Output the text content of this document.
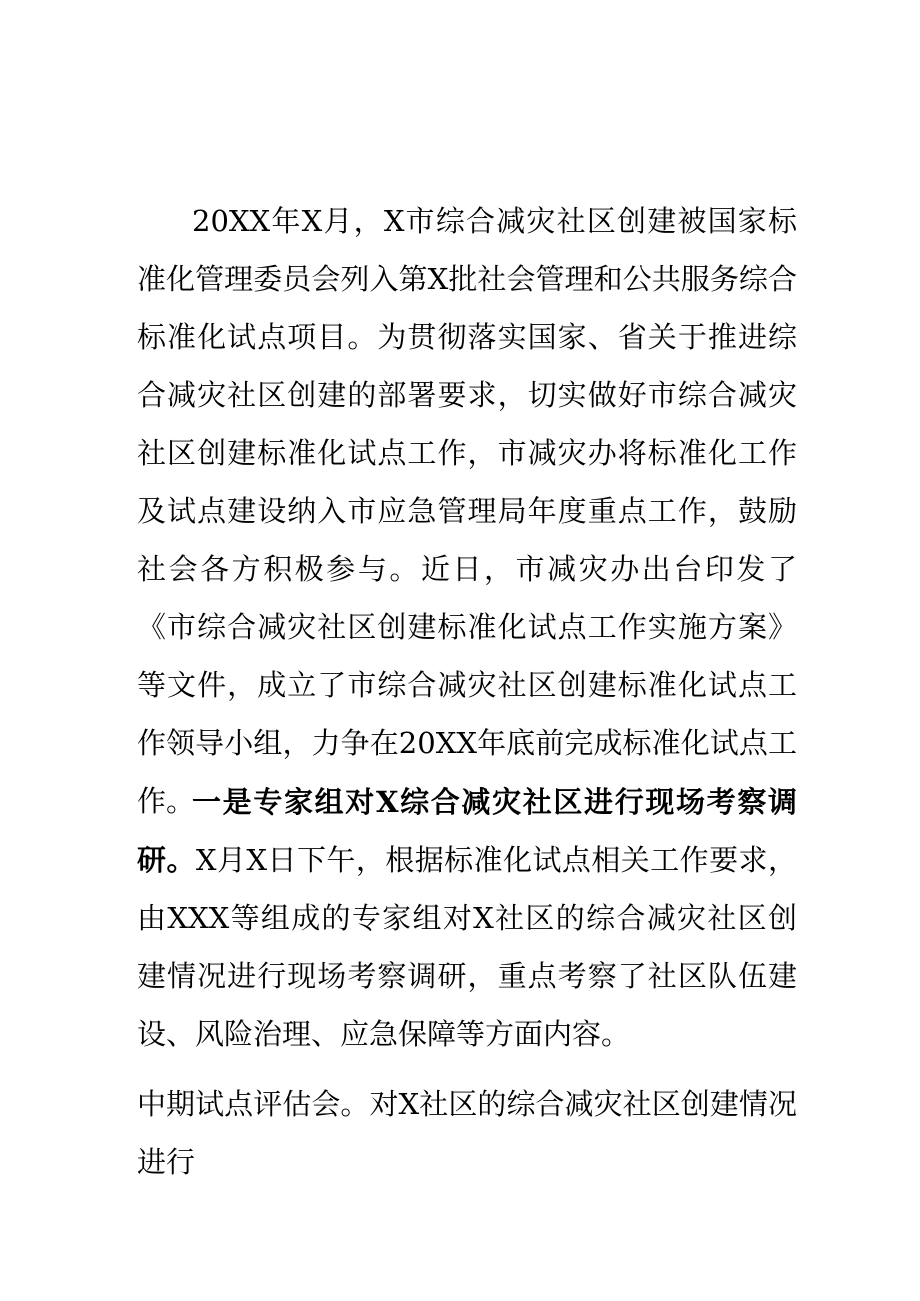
20XX年X月，X市综合减灾社区创建被国家标准化管理委员会列入第X批社会管理和公共服务综合标准化试点项目。为贯彻落实国家、省关于推进综合减灾社区创建的部署要求，切实做好市综合减灾社区创建标准化试点工作，市减灾办将标准化工作及试点建设纳入市应急管理局年度重点工作，鼓励社会各方积极参与。近日，市减灾办出台印发了《市综合减灾社区创建标准化试点工作实施方案》等文件，成立了市综合减灾社区创建标准化试点工作领导小组，力争在20XX年底前完成标准化试点工作。

一是专家组对X综合减灾社区进行现场考察调研。X月X日下午，根据标准化试点相关工作要求，由XXX等组成的专家组对X社区的综合减灾社区创建情况进行现场考察调研，重点考察了社区队伍建设、风险治理、应急保障等方面内容。

中期试点评估会。对X社区的综合减灾社区创建情况进行
